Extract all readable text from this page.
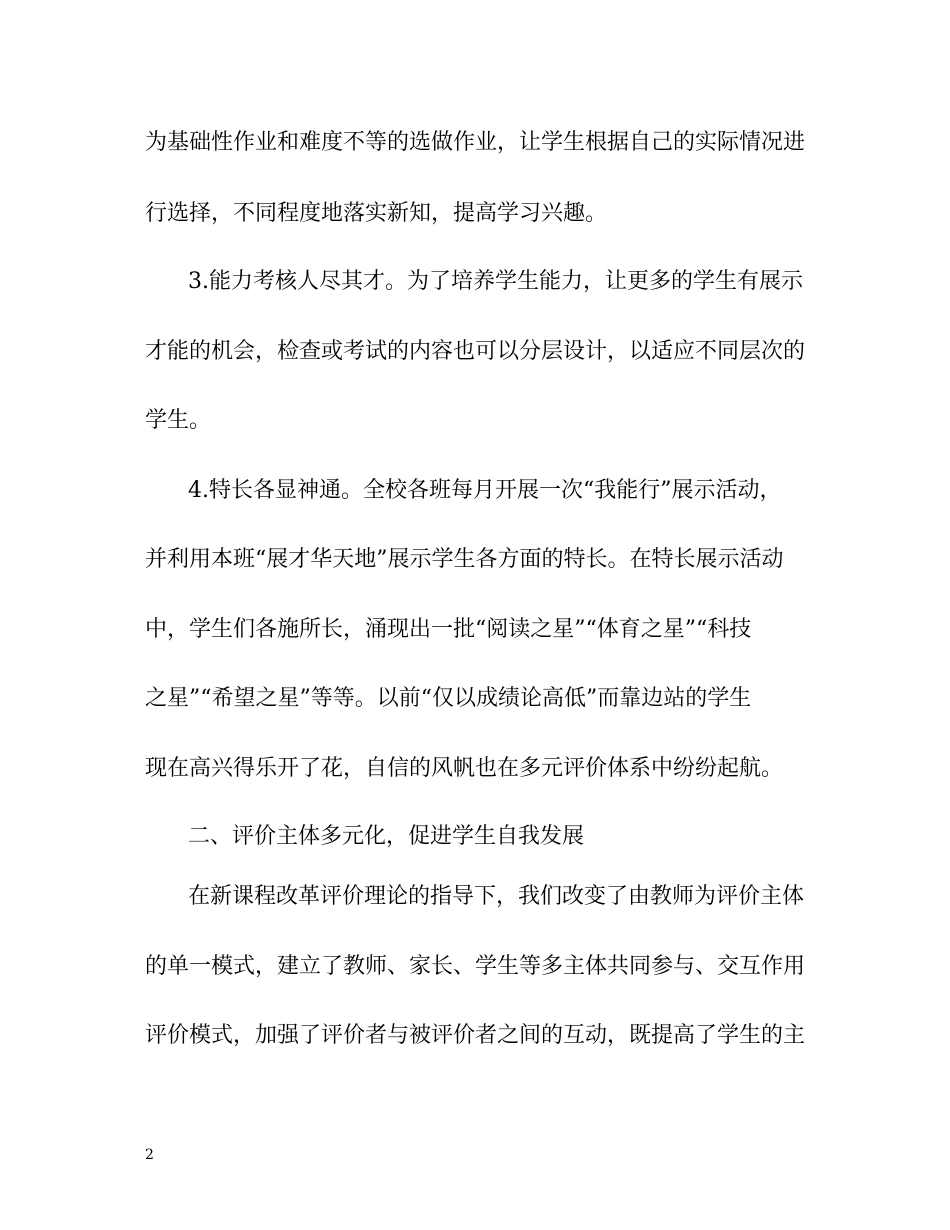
为基础性作业和难度不等的选做作业，让学生根据自己的实际情况进
行选择，不同程度地落实新知，提高学习兴趣。
3.能力考核人尽其才。为了培养学生能力，让更多的学生有展示
才能的机会，检查或考试的内容也可以分层设计，以适应不同层次的
学生。
4.特长各显神通。全校各班每月开展一次“我能行”展示活动，
并利用本班“展才华天地”展示学生各方面的特长。在特长展示活动
中，学生们各施所长，涌现出一批“阅读之星”“体育之星”“科技
之星”“希望之星”等等。以前“仅以成绩论高低”而靠边站的学生
现在高兴得乐开了花，自信的风帆也在多元评价体系中纷纷起航。
二、评价主体多元化，促进学生自我发展
在新课程改革评价理论的指导下，我们改变了由教师为评价主体
的单一模式，建立了教师、家长、学生等多主体共同参与、交互作用
评价模式，加强了评价者与被评价者之间的互动，既提高了学生的主
2
